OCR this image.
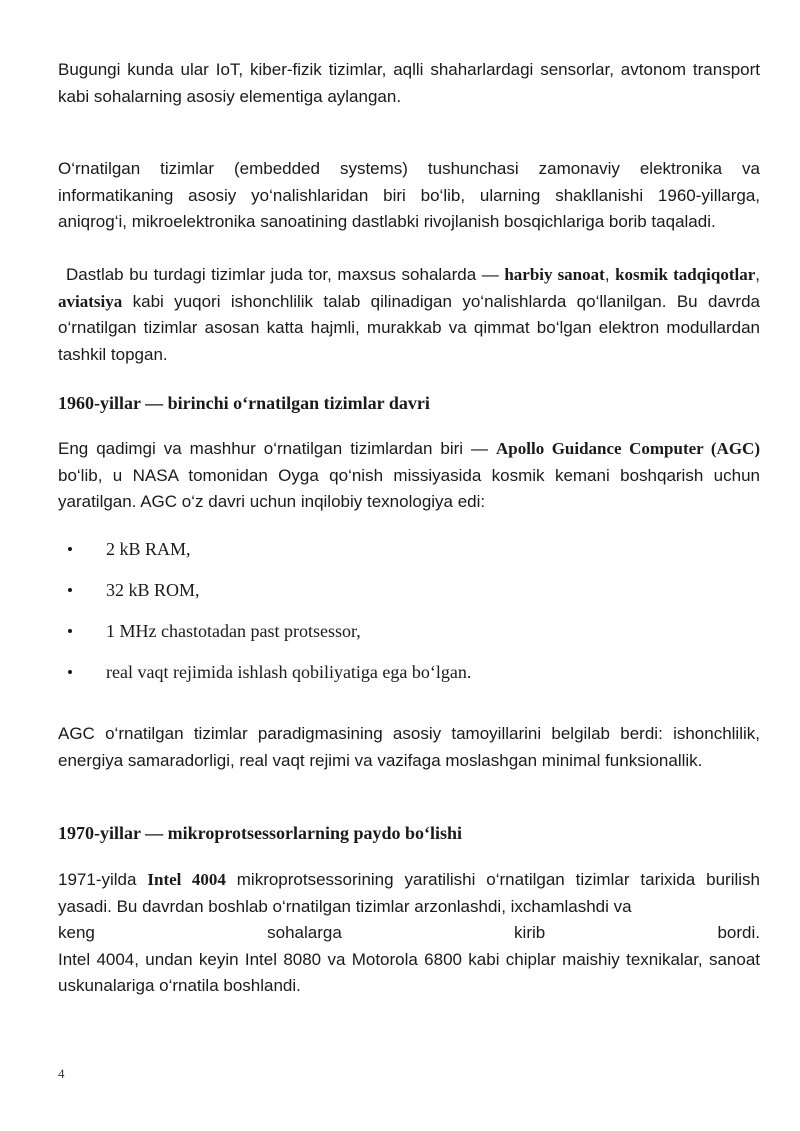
Bugungi kunda ular IoT, kiber-fizik tizimlar, aqlli shaharlardagi sensorlar, avtonom transport kabi sohalarning asosiy elementiga aylangan.

O‘rnatilgan tizimlar (embedded systems) tushunchasi zamonaviy elektronika va informatikaning asosiy yo‘nalishlaridan biri bo‘lib, ularning shakllanishi 1960-yillarga, aniqrog‘i, mikroelektronika sanoatining dastlabki rivojlanish bosqichlariga borib taqaladi.

Dastlab bu turdagi tizimlar juda tor, maxsus sohalarda — harbiy sanoat, kosmik tadqiqotlar, aviatsiya kabi yuqori ishonchlilik talab qilinadigan yo‘nalishlarda qo‘llanilgan. Bu davrda o‘rnatilgan tizimlar asosan katta hajmli, murakkab va qimmat bo‘lgan elektron modullardan tashkil topgan.

1960-yillar — birinchi o‘rnatilgan tizimlar davri

Eng qadimgi va mashhur o‘rnatilgan tizimlardan biri — Apollo Guidance Computer (AGC) bo‘lib, u NASA tomonidan Oyga qo‘nish missiyasida kosmik kemani boshqarish uchun yaratilgan. AGC o‘z davri uchun inqilobiy texnologiya edi:

2 kB RAM,
32 kB ROM,
1 MHz chastotadan past protsessor,
real vaqt rejimida ishlash qobiliyatiga ega bo‘lgan.

AGC o‘rnatilgan tizimlar paradigmasining asosiy tamoyillarini belgilab berdi: ishonchlilik, energiya samaradorligi, real vaqt rejimi va vazifaga moslashgan minimal funksionallik.

1970-yillar — mikroprotsessorlarning paydo bo‘lishi
1971-yilda Intel 4004 mikroprotsessorining yaratilishi o‘rnatilgan tizimlar tarixida burilish yasadi. Bu davrdan boshlab o‘rnatilgan tizimlar arzonlashdi, ixchamlashdi va
keng	sohalarga	kirib	bordi.
Intel 4004, undan keyin Intel 8080 va Motorola 6800 kabi chiplar maishiy texnikalar, sanoat uskunalariga o‘rnatila boshlandi.
4
